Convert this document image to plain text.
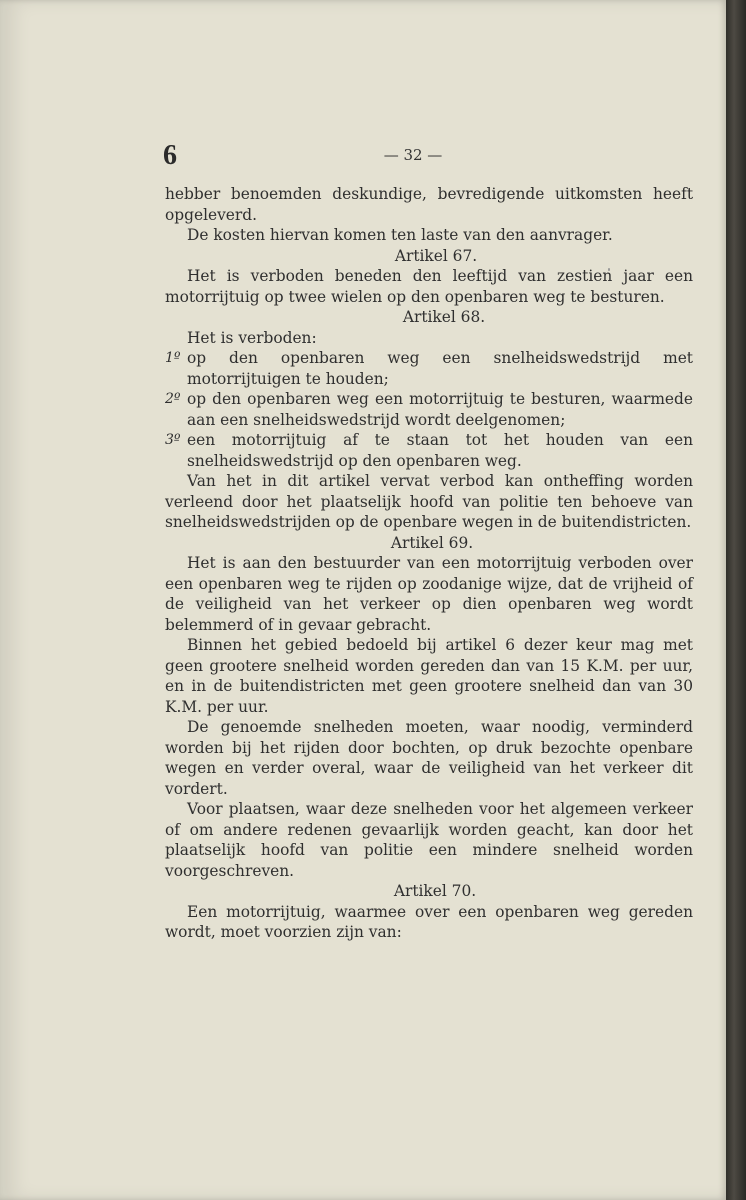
6	— 32 —

hebber benoemden deskundige, bevredigende uitkomsten heeft opgeleverd.

De kosten hiervan komen ten laste van den aanvrager.

Artikel 67.

Het is verboden beneden den leeftijd van zestien jaar een motorrijtuig op twee wielen op den openbaren weg te besturen.

Artikel 68.

Het is verboden:

1º op den openbaren weg een snelheidswedstrijd met motorrijtuigen te houden;
2º op den openbaren weg een motorrijtuig te besturen, waarmede aan een snelheidswedstrijd wordt deelgenomen;
3º een motorrijtuig af te staan tot het houden van een snelheidswedstrijd op den openbaren weg.

Van het in dit artikel vervat verbod kan ontheffing worden verleend door het plaatselijk hoofd van politie ten behoeve van snelheidswedstrijden op de openbare wegen in de buitendistricten.

Artikel 69.

Het is aan den bestuurder van een motorrijtuig verboden over een openbaren weg te rijden op zoodanige wijze, dat de vrijheid of de veiligheid van het verkeer op dien openbaren weg wordt belemmerd of in gevaar gebracht.

Binnen het gebied bedoeld bij artikel 6 dezer keur mag met geen grootere snelheid worden gereden dan van 15 K.M. per uur, en in de buitendistricten met geen grootere snelheid dan van 30 K.M. per uur.

De genoemde snelheden moeten, waar noodig, verminderd worden bij het rijden door bochten, op druk bezochte openbare wegen en verder overal, waar de veiligheid van het verkeer dit vordert.

Voor plaatsen, waar deze snelheden voor het algemeen verkeer of om andere redenen gevaarlijk worden geacht, kan door het plaatselijk hoofd van politie een mindere snelheid worden voorgeschreven.

Artikel 70.

Een motorrijtuig, waarmee over een openbaren weg gereden wordt, moet voorzien zijn van:
